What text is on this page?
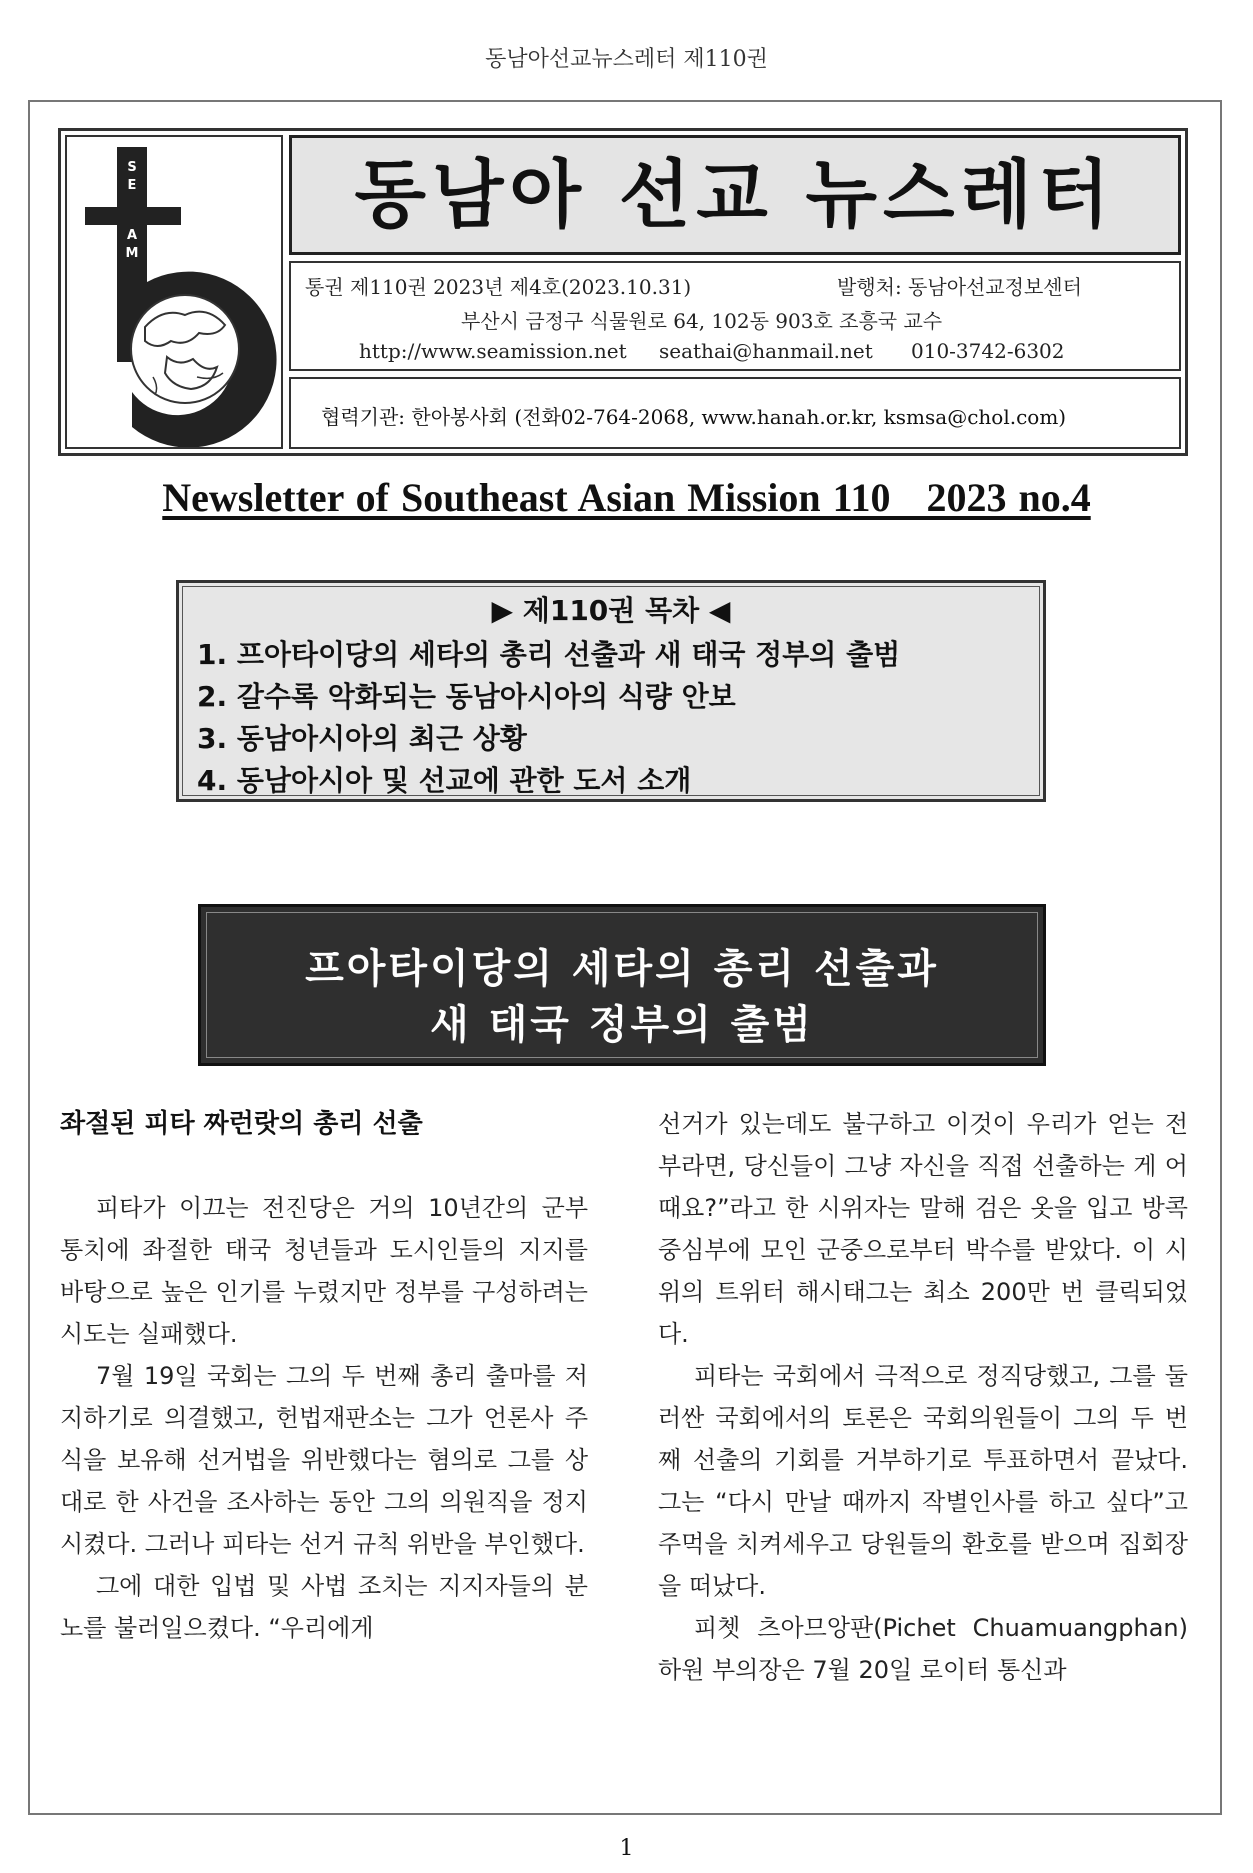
동남아선교뉴스레터 제110권
S
E
A
M
동남아 선교 뉴스레터
통권 제110권 2023년 제4호(2023.10.31)	발행처: 동남아선교정보센터
부산시 금정구 식물원로 64, 102동 903호 조흥국 교수
http://www.seamission.net seathai@hanmail.net 010-3742-6302
협력기관: 한아봉사회 (전화02-764-2068, www.hanah.or.kr, ksmsa@chol.com)
Newsletter of Southeast Asian Mission 110   2023 no.4
▶ 제110권 목차 ◀
1. 프아타이당의 세타의 총리 선출과 새 태국 정부의 출범
2. 갈수록 악화되는 동남아시아의 식량 안보
3. 동남아시아의 최근 상황
4. 동남아시아 및 선교에 관한 도서 소개
프아타이당의 세타의 총리 선출과
새 태국 정부의 출범
좌절된 피타 짜런랏의 총리 선출

피타가 이끄는 전진당은 거의 10년간의 군부 통치에 좌절한 태국 청년들과 도시인들의 지지를 바탕으로 높은 인기를 누렸지만 정부를 구성하려는 시도는 실패했다.

7월 19일 국회는 그의 두 번째 총리 출마를 저지하기로 의결했고, 헌법재판소는 그가 언론사 주식을 보유해 선거법을 위반했다는 혐의로 그를 상대로 한 사건을 조사하는 동안 그의 의원직을 정지시켰다. 그러나 피타는 선거 규칙 위반을 부인했다.

그에 대한 입법 및 사법 조치는 지지자들의 분노를 불러일으켰다. “우리에게

선거가 있는데도 불구하고 이것이 우리가 얻는 전부라면, 당신들이 그냥 자신을 직접 선출하는 게 어때요?”라고 한 시위자는 말해 검은 옷을 입고 방콕 중심부에 모인 군중으로부터 박수를 받았다. 이 시위의 트위터 해시태그는 최소 200만 번 클릭되었다.

피타는 국회에서 극적으로 정직당했고, 그를 둘러싼 국회에서의 토론은 국회의원들이 그의 두 번째 선출의 기회를 거부하기로 투표하면서 끝났다. 그는 “다시 만날 때까지 작별인사를 하고 싶다”고 주먹을 치켜세우고 당원들의 환호를 받으며 집회장을 떠났다.

피쳇 츠아므앙판(Pichet Chuamuangphan) 하원 부의장은 7월 20일 로이터 통신과

1
